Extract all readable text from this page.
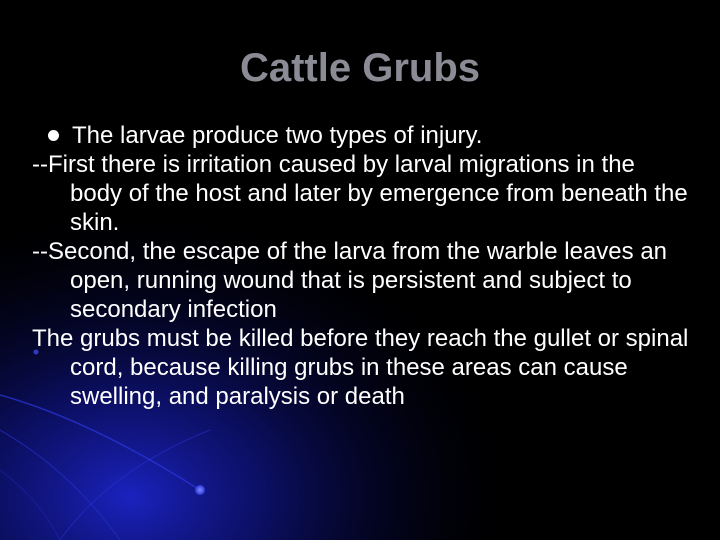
Cattle Grubs

The larvae produce two types of injury.

--First there is irritation caused by larval migrations in the body of the host and later by emergence from beneath the skin.

--Second, the escape of the larva from the warble leaves an open, running wound that is persistent and subject to secondary infection

The grubs must be killed before they reach the gullet or spinal cord, because killing grubs in these areas can cause swelling, and paralysis or death
